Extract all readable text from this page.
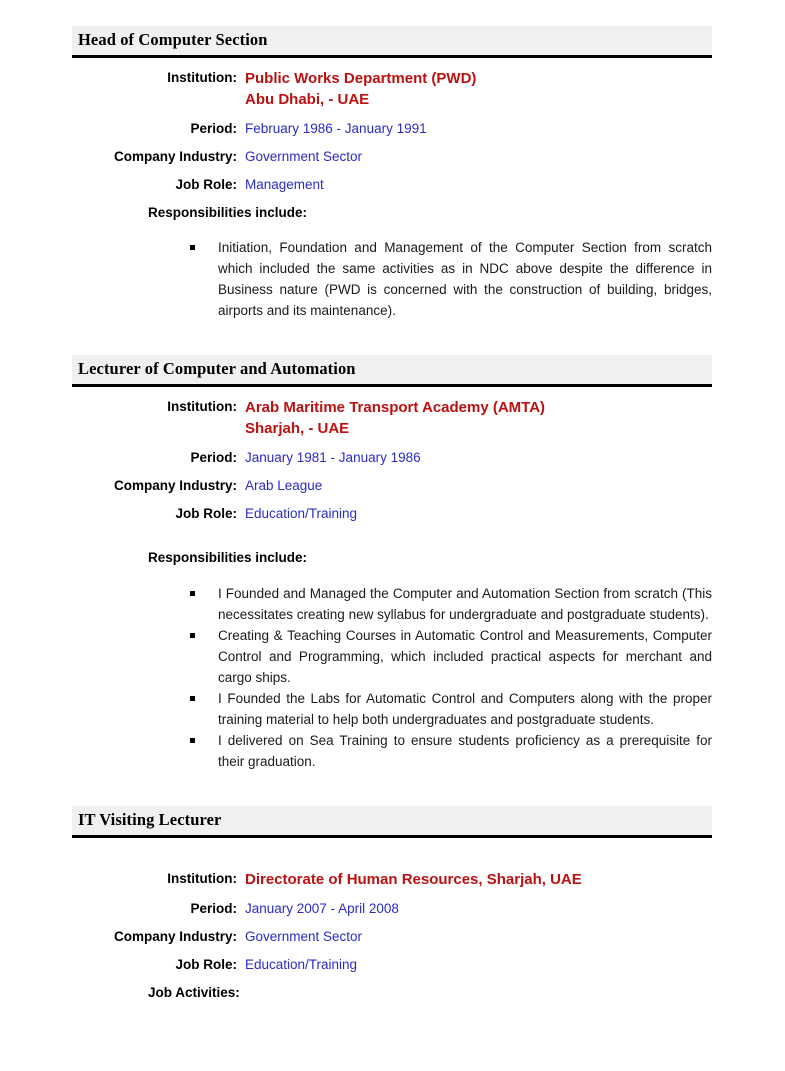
Head of Computer Section
Institution: Public Works Department (PWD)
Abu Dhabi, - UAE
Period: February 1986 - January 1991
Company Industry: Government Sector
Job Role: Management
Responsibilities include:
Initiation, Foundation and Management of the Computer Section from scratch which included the same activities as in NDC above despite the difference in Business nature (PWD is concerned with the construction of building, bridges, airports and its maintenance).
Lecturer of Computer and Automation
Institution: Arab Maritime Transport Academy (AMTA)
Sharjah, - UAE
Period: January 1981 - January 1986
Company Industry: Arab League
Job Role: Education/Training
Responsibilities include:
I Founded and Managed the Computer and Automation Section from scratch (This necessitates creating new syllabus for undergraduate and postgraduate students).
Creating & Teaching Courses in Automatic Control and Measurements, Computer Control and Programming, which included practical aspects for merchant and cargo ships.
I Founded the Labs for Automatic Control and Computers along with the proper training material to help both undergraduates and postgraduate students.
I delivered on Sea Training to ensure students proficiency as a prerequisite for their graduation.
IT Visiting Lecturer
Institution: Directorate of Human Resources, Sharjah, UAE
Period: January 2007 - April 2008
Company Industry: Government Sector
Job Role: Education/Training
Job Activities:
